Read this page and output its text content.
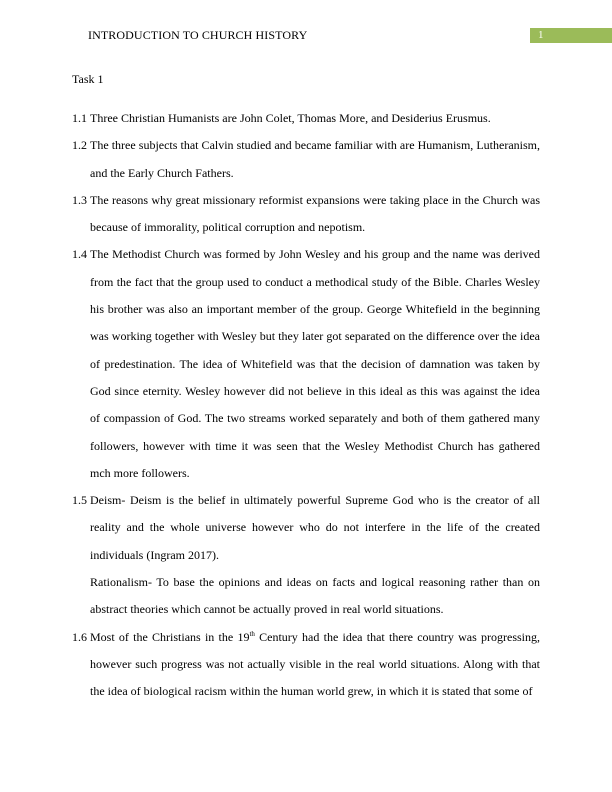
INTRODUCTION TO CHURCH HISTORY	1
Task 1
1.1 Three Christian Humanists are John Colet, Thomas More, and Desiderius Erusmus.
1.2 The three subjects that Calvin studied and became familiar with are Humanism, Lutheranism, and the Early Church Fathers.
1.3 The reasons why great missionary reformist expansions were taking place in the Church was because of immorality, political corruption and nepotism.
1.4 The Methodist Church was formed by John Wesley and his group and the name was derived from the fact that the group used to conduct a methodical study of the Bible. Charles Wesley his brother was also an important member of the group. George Whitefield in the beginning was working together with Wesley but they later got separated on the difference over the idea of predestination. The idea of Whitefield was that the decision of damnation was taken by God since eternity. Wesley however did not believe in this ideal as this was against the idea of compassion of God. The two streams worked separately and both of them gathered many followers, however with time it was seen that the Wesley Methodist Church has gathered mch more followers.
1.5 Deism- Deism is the belief in ultimately powerful Supreme God who is the creator of all reality and the whole universe however who do not interfere in the life of the created individuals (Ingram 2017).
Rationalism- To base the opinions and ideas on facts and logical reasoning rather than on abstract theories which cannot be actually proved in real world situations.
1.6 Most of the Christians in the 19th Century had the idea that there country was progressing, however such progress was not actually visible in the real world situations. Along with that the idea of biological racism within the human world grew, in which it is stated that some of
